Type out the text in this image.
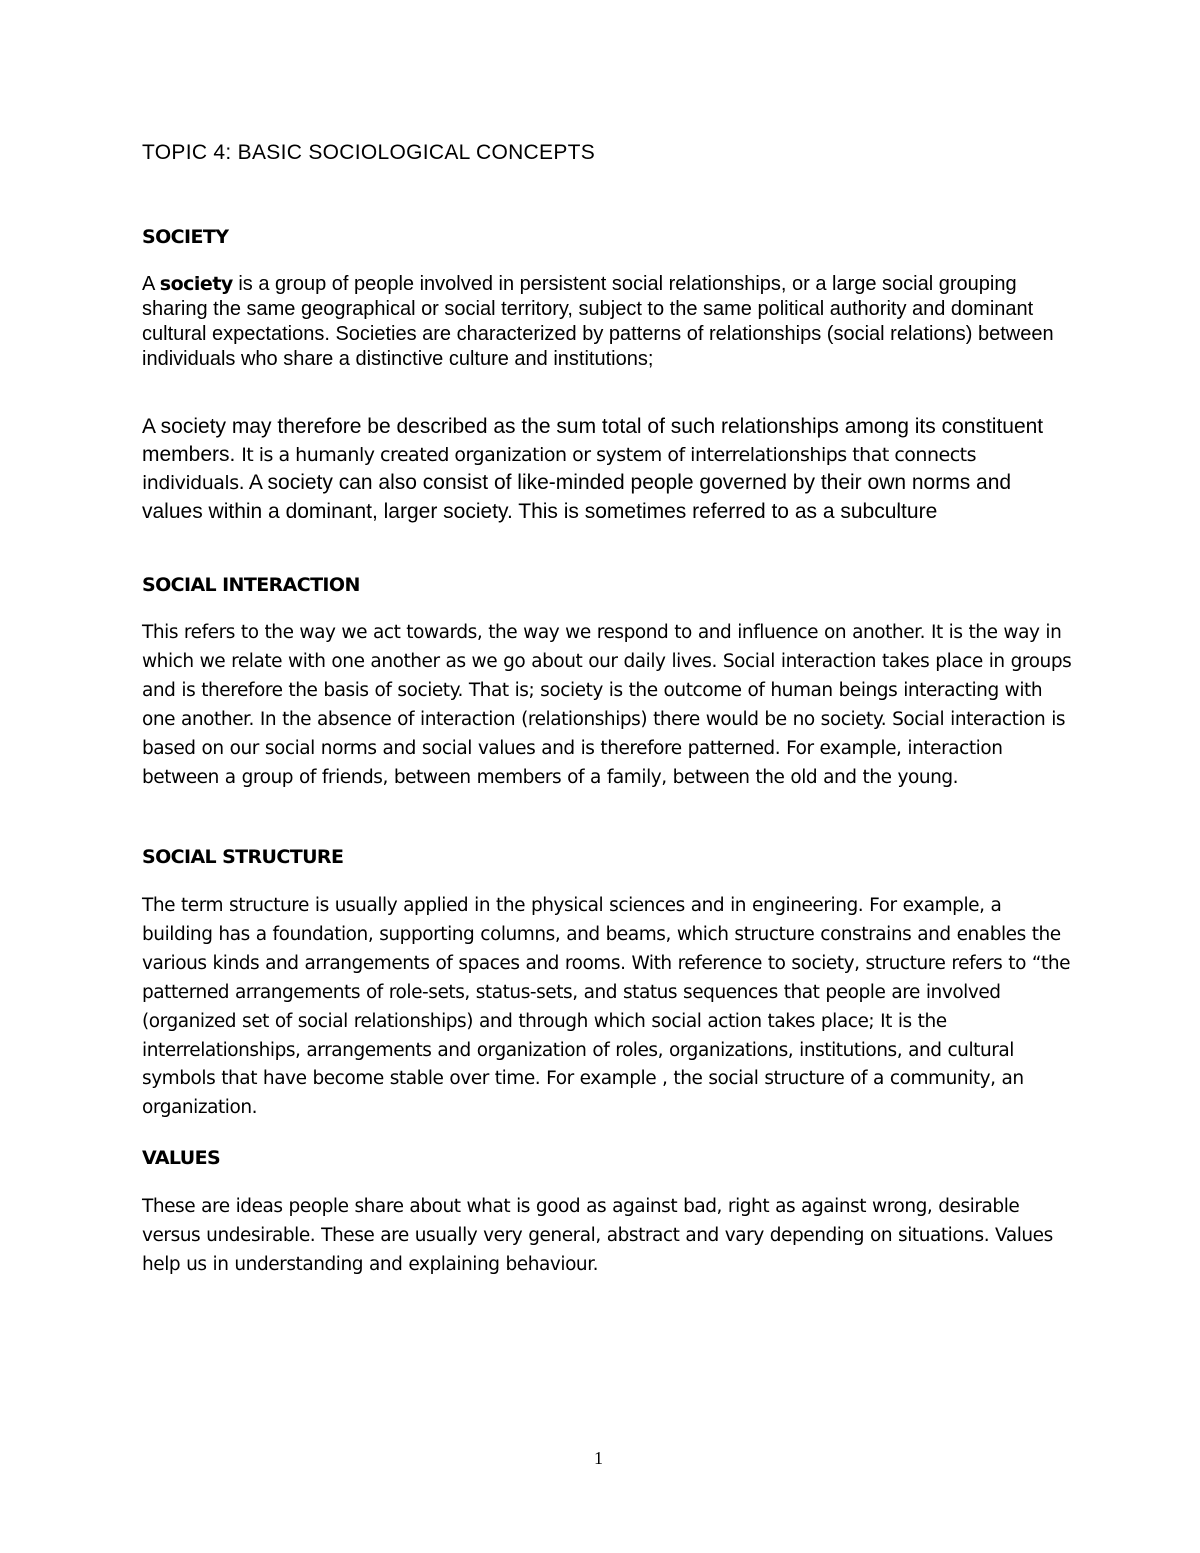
TOPIC 4: BASIC SOCIOLOGICAL CONCEPTS
SOCIETY

A society is a group of people involved in persistent social relationships, or a large social grouping sharing the same geographical or social territory, subject to the same political authority and dominant cultural expectations. Societies are characterized by patterns of relationships (social relations) between individuals who share a distinctive culture and institutions;

A society may therefore be described as the sum total of such relationships among its constituent members. It is a humanly created organization or system of interrelationships that connects individuals. A society can also consist of like-minded people governed by their own norms and values within a dominant, larger society. This is sometimes referred to as a subculture

SOCIAL INTERACTION

This refers to the way we act towards, the way we respond to and influence on another. It is the way in which we relate with one another as we go about our daily lives. Social interaction takes place in groups and is therefore the basis of society. That is; society is the outcome of human beings interacting with one another. In the absence of interaction (relationships) there would be no society. Social interaction is based on our social norms and social values and is therefore patterned. For example, interaction between a group of friends, between members of a family, between the old and the young.

SOCIAL STRUCTURE

The term structure is usually applied in the physical sciences and in engineering. For example, a building has a foundation, supporting columns, and beams, which structure constrains and enables the various kinds and arrangements of spaces and rooms. With reference to society, structure refers to “the patterned arrangements of role-sets, status-sets, and status sequences that people are involved (organized set of social relationships) and through which social action takes place; It is the interrelationships, arrangements and organization of roles, organizations, institutions, and cultural symbols that have become stable over time. For example , the social structure of a community, an organization.

VALUES

These are ideas people share about what is good as against bad, right as against wrong, desirable versus undesirable. These are usually very general, abstract and vary depending on situations. Values help us in understanding and explaining behaviour.

1
